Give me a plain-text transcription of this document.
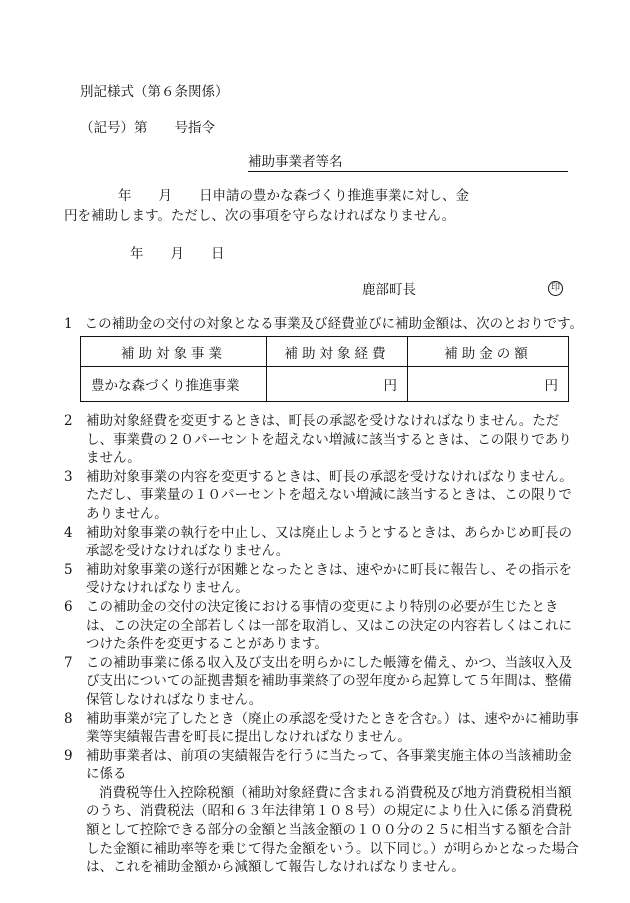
別記様式（第６条関係）
（記号）第　　号指令
補助事業者等名
年　　月　　日申請の豊かな森づくり推進事業に対し、金
円を補助します。ただし、次の事項を守らなければなりません。
年　　月　　日
鹿部町長	印
1 この補助金の交付の対象となる事業及び経費並びに補助金額は、次のとおりです。
補助対象事業	補助対象経費	補助金の額
豊かな森づくり推進事業	円	円
2 補助対象経費を変更するときは、町長の承認を受けなければなりません。ただし、事業費の２０パーセントを超えない増減に該当するときは、この限りでありません。
3 補助対象事業の内容を変更するときは、町長の承認を受けなければなりません。ただし、事業量の１０パーセントを超えない増減に該当するときは、この限りでありません。
4 補助対象事業の執行を中止し、又は廃止しようとするときは、あらかじめ町長の承認を受けなければなりません。
5 補助対象事業の遂行が困難となったときは、速やかに町長に報告し、その指示を受けなければなりません。
6 この補助金の交付の決定後における事情の変更により特別の必要が生じたときは、この決定の全部若しくは一部を取消し、又はこの決定の内容若しくはこれにつけた条件を変更することがあります。
7 この補助事業に係る収入及び支出を明らかにした帳簿を備え、かつ、当該収入及び支出についての証拠書類を補助事業終了の翌年度から起算して５年間は、整備保管しなければなりません。
8 補助事業が完了したとき（廃止の承認を受けたときを含む。）は、速やかに補助事業等実績報告書を町長に提出しなければなりません。
9 補助事業者は、前項の実績報告を行うに当たって、各事業実施主体の当該補助金に係る
消費税等仕入控除税額（補助対象経費に含まれる消費税及び地方消費税相当額のうち、消費税法（昭和６３年法律第１０８号）の規定により仕入に係る消費税額として控除できる部分の金額と当該金額の１００分の２５に相当する額を合計した金額に補助率等を乗じて得た金額をいう。以下同じ。）が明らかとなった場合は、これを補助金額から減額して報告しなければなりません。
